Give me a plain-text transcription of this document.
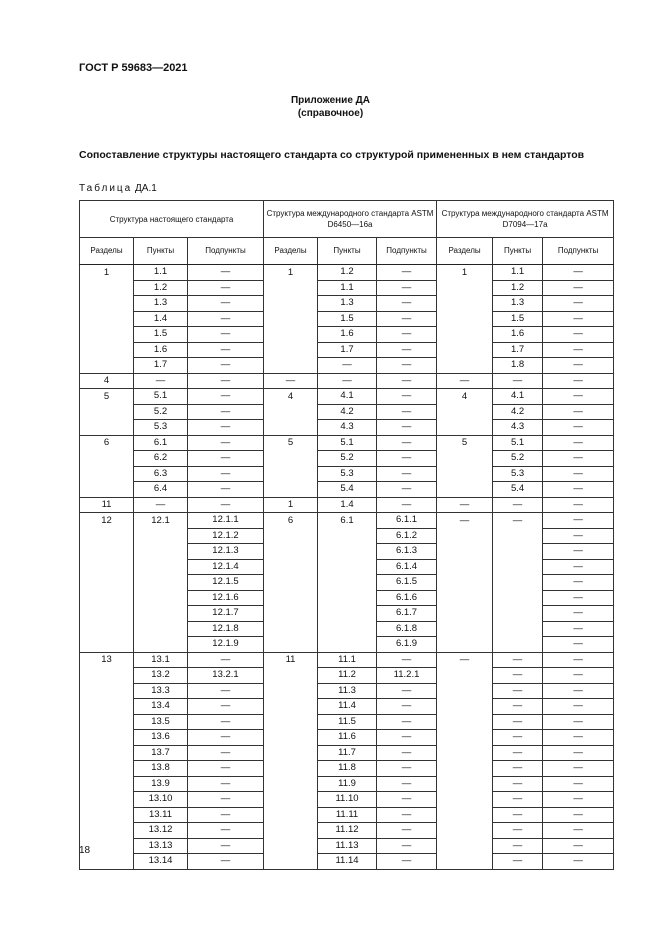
ГОСТ Р 59683—2021
Приложение ДА
(справочное)
Сопоставление структуры настоящего стандарта со структурой примененных в нем стандартов
Таблица ДА.1
Структура настоящего стандарта			Структура международного стандарта ASTM D6450—16a			Структура международного стандарта ASTM D7094—17a		
Разделы	Пункты	Подпункты	Разделы	Пункты	Подпункты	Разделы	Пункты	Подпункты
1	1.1	—	1	1.2	—	1	1.1	—
	1.2	—		1.1	—		1.2	—
	1.3	—		1.3	—		1.3	—
	1.4	—		1.5	—		1.5	—
	1.5	—		1.6	—		1.6	—
	1.6	—		1.7	—		1.7	—
	1.7	—		—	—		1.8	—
4	—	—	—	—	—	—	—	—
5	5.1	—	4	4.1	—	4	4.1	—
	5.2	—		4.2	—		4.2	—
	5.3	—		4.3	—		4.3	—
6	6.1	—	5	5.1	—	5	5.1	—
	6.2	—		5.2	—		5.2	—
	6.3	—		5.3	—		5.3	—
	6.4	—		5.4	—		5.4	—
11	—	—	1	1.4	—	—	—	—
12	12.1	12.1.1	6	6.1	6.1.1	—	—	—
		12.1.2			6.1.2			—
		12.1.3			6.1.3			—
		12.1.4			6.1.4			—
		12.1.5			6.1.5			—
		12.1.6			6.1.6			—
		12.1.7			6.1.7			—
		12.1.8			6.1.8			—
		12.1.9			6.1.9			—
13	13.1	—	11	11.1	—	—	—	—
	13.2	13.2.1		11.2	11.2.1		—	—
	13.3	—		11.3	—		—	—
	13.4	—		11.4	—		—	—
	13.5	—		11.5	—		—	—
	13.6	—		11.6	—		—	—
	13.7	—		11.7	—		—	—
	13.8	—		11.8	—		—	—
	13.9	—		11.9	—		—	—
	13.10	—		11.10	—		—	—
	13.11	—		11.11	—		—	—
	13.12	—		11.12	—		—	—
	13.13	—		11.13	—		—	—
	13.14	—		11.14	—		—	—
18
